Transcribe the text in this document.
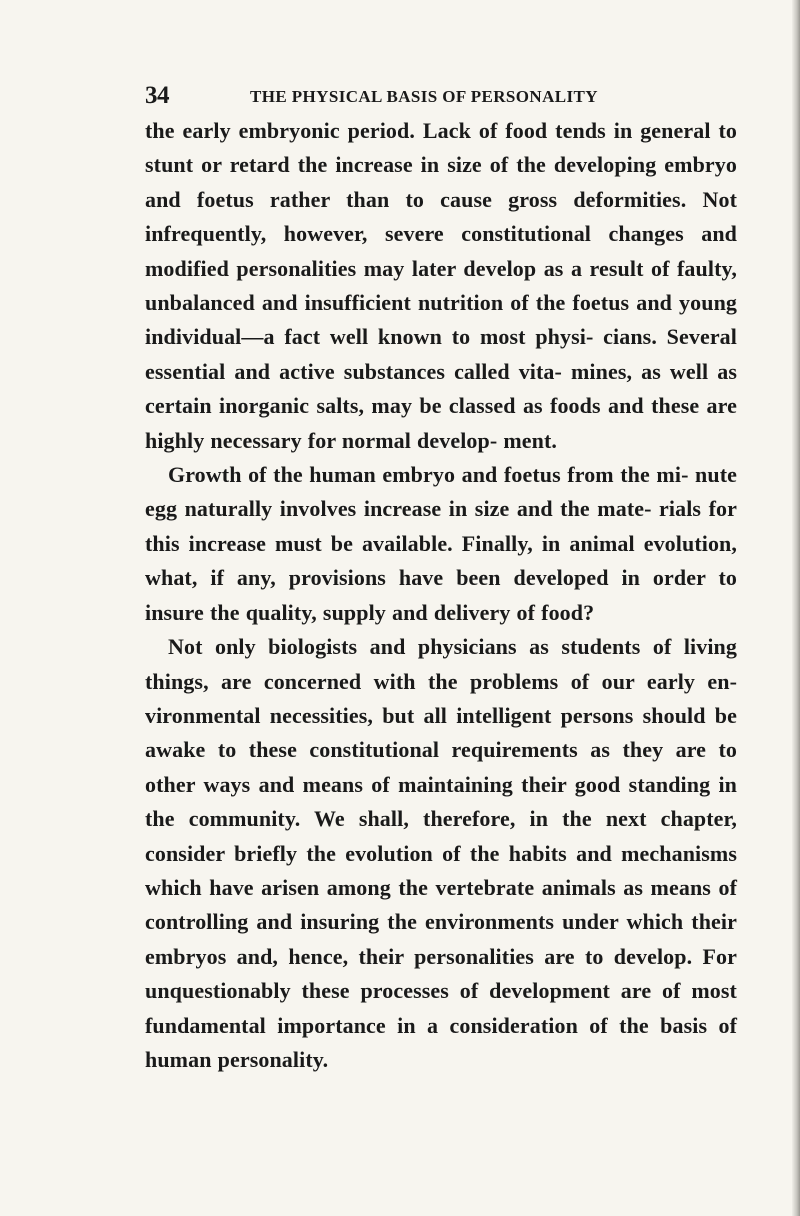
34	THE PHYSICAL BASIS OF PERSONALITY

the early embryonic period. Lack of food tends in general to stunt or retard the increase in size of the developing embryo and foetus rather than to cause gross deformities. Not infrequently, however, severe constitutional changes and modified personalities may later develop as a result of faulty, unbalanced and insufficient nutrition of the foetus and young individual—a fact well known to most physi- cians. Several essential and active substances called vita- mines, as well as certain inorganic salts, may be classed as foods and these are highly necessary for normal develop- ment.

Growth of the human embryo and foetus from the mi- nute egg naturally involves increase in size and the mate- rials for this increase must be available. Finally, in animal evolution, what, if any, provisions have been developed in order to insure the quality, supply and delivery of food?

Not only biologists and physicians as students of living things, are concerned with the problems of our early en- vironmental necessities, but all intelligent persons should be awake to these constitutional requirements as they are to other ways and means of maintaining their good standing in the community. We shall, therefore, in the next chapter, consider briefly the evolution of the habits and mechanisms which have arisen among the vertebrate animals as means of controlling and insuring the environments under which their embryos and, hence, their personalities are to develop. For unquestionably these processes of development are of most fundamental importance in a consideration of the basis of human personality.
